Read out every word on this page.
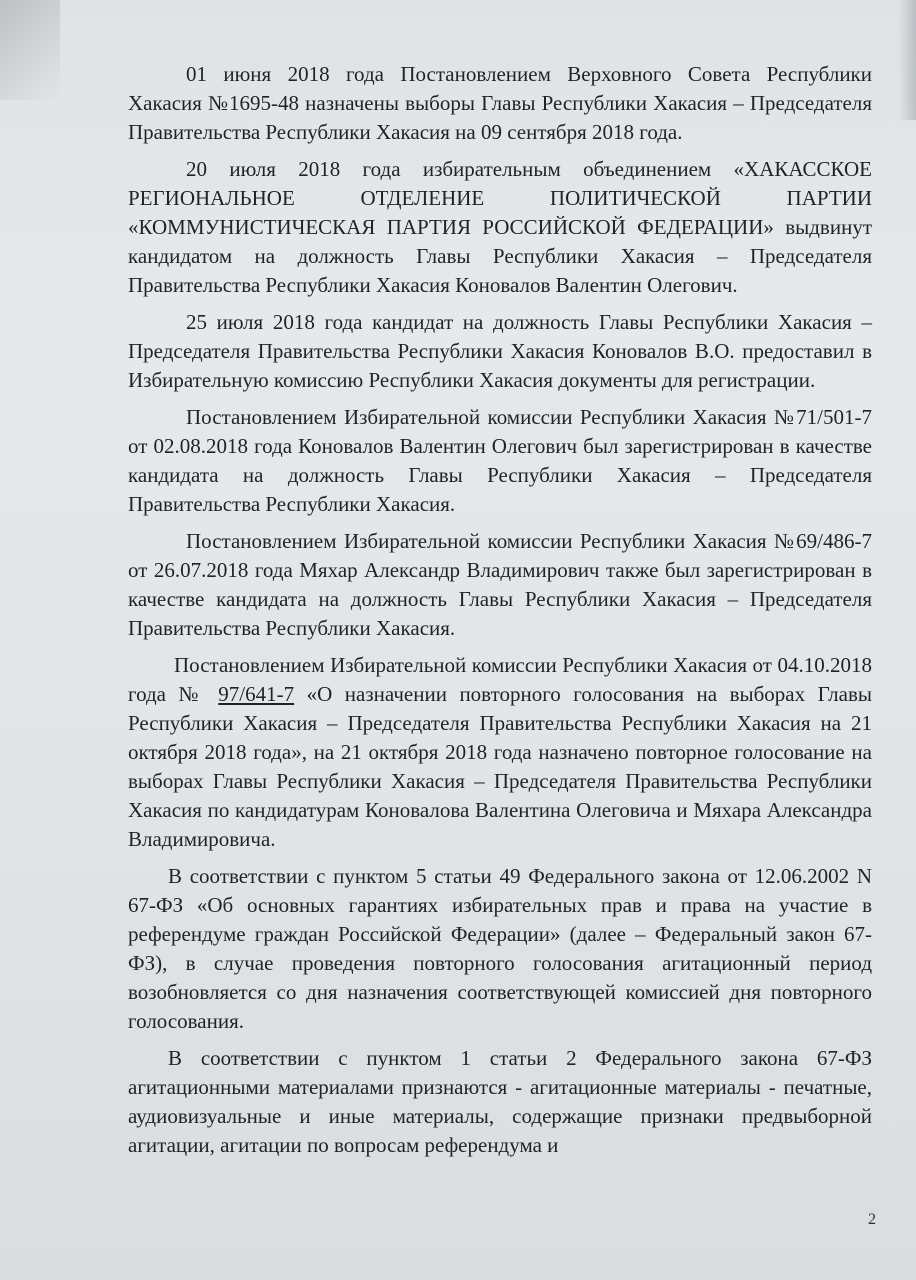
01 июня 2018 года Постановлением Верховного Совета Республики Хакасия №1695-48 назначены выборы Главы Республики Хакасия – Председателя Правительства Республики Хакасия на 09 сентября 2018 года.

20 июля 2018 года избирательным объединением «ХАКАССКОЕ РЕГИОНАЛЬНОЕ ОТДЕЛЕНИЕ ПОЛИТИЧЕСКОЙ ПАРТИИ «КОММУНИСТИЧЕСКАЯ ПАРТИЯ РОССИЙСКОЙ ФЕДЕРАЦИИ» выдвинут кандидатом на должность Главы Республики Хакасия – Председателя Правительства Республики Хакасия Коновалов Валентин Олегович.

25 июля 2018 года кандидат на должность Главы Республики Хакасия – Председателя Правительства Республики Хакасия Коновалов В.О. предоставил в Избирательную комиссию Республики Хакасия документы для регистрации.

Постановлением Избирательной комиссии Республики Хакасия №71/501-7 от 02.08.2018 года Коновалов Валентин Олегович был зарегистрирован в качестве кандидата на должность Главы Республики Хакасия – Председателя Правительства Республики Хакасия.

Постановлением Избирательной комиссии Республики Хакасия №69/486-7 от 26.07.2018 года Мяхар Александр Владимирович также был зарегистрирован в качестве кандидата на должность Главы Республики Хакасия – Председателя Правительства Республики Хакасия.

Постановлением Избирательной комиссии Республики Хакасия от 04.10.2018 года № 97/641-7 «О назначении повторного голосования на выборах Главы Республики Хакасия – Председателя Правительства Республики Хакасия на 21 октября 2018 года», на 21 октября 2018 года назначено повторное голосование на выборах Главы Республики Хакасия – Председателя Правительства Республики Хакасия по кандидатурам Коновалова Валентина Олеговича и Мяхара Александра Владимировича.

В соответствии с пунктом 5 статьи 49 Федерального закона от 12.06.2002 N 67-ФЗ «Об основных гарантиях избирательных прав и права на участие в референдуме граждан Российской Федерации» (далее – Федеральный закон 67-ФЗ), в случае проведения повторного голосования агитационный период возобновляется со дня назначения соответствующей комиссией дня повторного голосования.

В соответствии с пунктом 1 статьи 2 Федерального закона 67-ФЗ агитационными материалами признаются - агитационные материалы - печатные, аудиовизуальные и иные материалы, содержащие признаки предвыборной агитации, агитации по вопросам референдума и

2
